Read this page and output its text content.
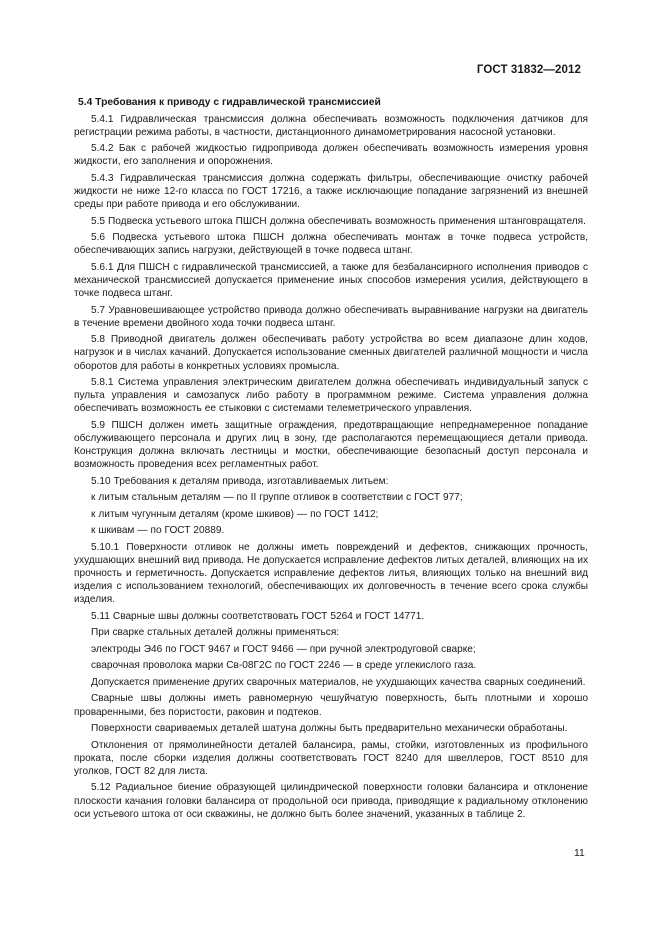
ГОСТ 31832—2012
5.4 Требования к приводу с гидравлической трансмиссией

5.4.1 Гидравлическая трансмиссия должна обеспечивать возможность подключения датчиков для регистрации режима работы, в частности, дистанционного динамометрирования насосной установки.

5.4.2 Бак с рабочей жидкостью гидропривода должен обеспечивать возможность измерения уровня жидкости, его заполнения и опорожнения.

5.4.3 Гидравлическая трансмиссия должна содержать фильтры, обеспечивающие очистку рабочей жидкости не ниже 12-го класса по ГОСТ 17216, а также исключающие попадание загрязнений из внешней среды при работе привода и его обслуживании.

5.5 Подвеска устьевого штока ПШСН должна обеспечивать возможность применения штанговращателя.

5.6 Подвеска устьевого штока ПШСН должна обеспечивать монтаж в точке подвеса устройств, обеспечивающих запись нагрузки, действующей в точке подвеса штанг.

5.6.1 Для ПШСН с гидравлической трансмиссией, а также для безбалансирного исполнения приводов с механической трансмиссией допускается применение иных способов измерения усилия, действующего в точке подвеса штанг.

5.7 Уравновешивающее устройство привода должно обеспечивать выравнивание нагрузки на двигатель в течение времени двойного хода точки подвеса штанг.

5.8 Приводной двигатель должен обеспечивать работу устройства во всем диапазоне длин ходов, нагрузок и в числах качаний. Допускается использование сменных двигателей различной мощности и числа оборотов для работы в конкретных условиях промысла.

5.8.1 Система управления электрическим двигателем должна обеспечивать индивидуальный запуск с пульта управления и самозапуск либо работу в программном режиме. Система управления должна обеспечивать возможность ее стыковки с системами телеметрического управления.

5.9 ПШСН должен иметь защитные ограждения, предотвращающие непреднамеренное попадание обслуживающего персонала и других лиц в зону, где располагаются перемещающиеся детали привода. Конструкция должна включать лестницы и мостки, обеспечивающие безопасный доступ персонала и возможность проведения всех регламентных работ.

5.10 Требования к деталям привода, изготавливаемых литьем:

к литым стальным деталям — по II группе отливок в соответствии с ГОСТ 977;

к литым чугунным деталям (кроме шкивов) — по ГОСТ 1412;

к шкивам — по ГОСТ 20889.

5.10.1 Поверхности отливок не должны иметь повреждений и дефектов, снижающих прочность, ухудшающих внешний вид привода. Не допускается исправление дефектов литых деталей, влияющих на их прочность и герметичность. Допускается исправление дефектов литья, влияющих только на внешний вид изделия с использованием технологий, обеспечивающих их долговечность в течение всего срока службы изделия.

5.11 Сварные швы должны соответствовать ГОСТ 5264 и ГОСТ 14771.

При сварке стальных деталей должны применяться:

электроды Э46 по ГОСТ 9467 и ГОСТ 9466 — при ручной электродуговой сварке;

сварочная проволока марки Св-08Г2С по ГОСТ 2246 — в среде углекислого газа.

Допускается применение других сварочных материалов, не ухудшающих качества сварных соединений.

Сварные швы должны иметь равномерную чешуйчатую поверхность, быть плотными и хорошо проваренными, без пористости, раковин и подтеков.

Поверхности свариваемых деталей шатуна должны быть предварительно механически обработаны.

Отклонения от прямолинейности деталей балансира, рамы, стойки, изготовленных из профильного проката, после сборки изделия должны соответствовать ГОСТ 8240 для швеллеров, ГОСТ 8510 для уголков, ГОСТ 82 для листа.

5.12 Радиальное биение образующей цилиндрической поверхности головки балансира и отклонение плоскости качания головки балансира от продольной оси привода, приводящие к радиальному отклонению оси устьевого штока от оси скважины, не должно быть более значений, указанных в таблице 2.

11
